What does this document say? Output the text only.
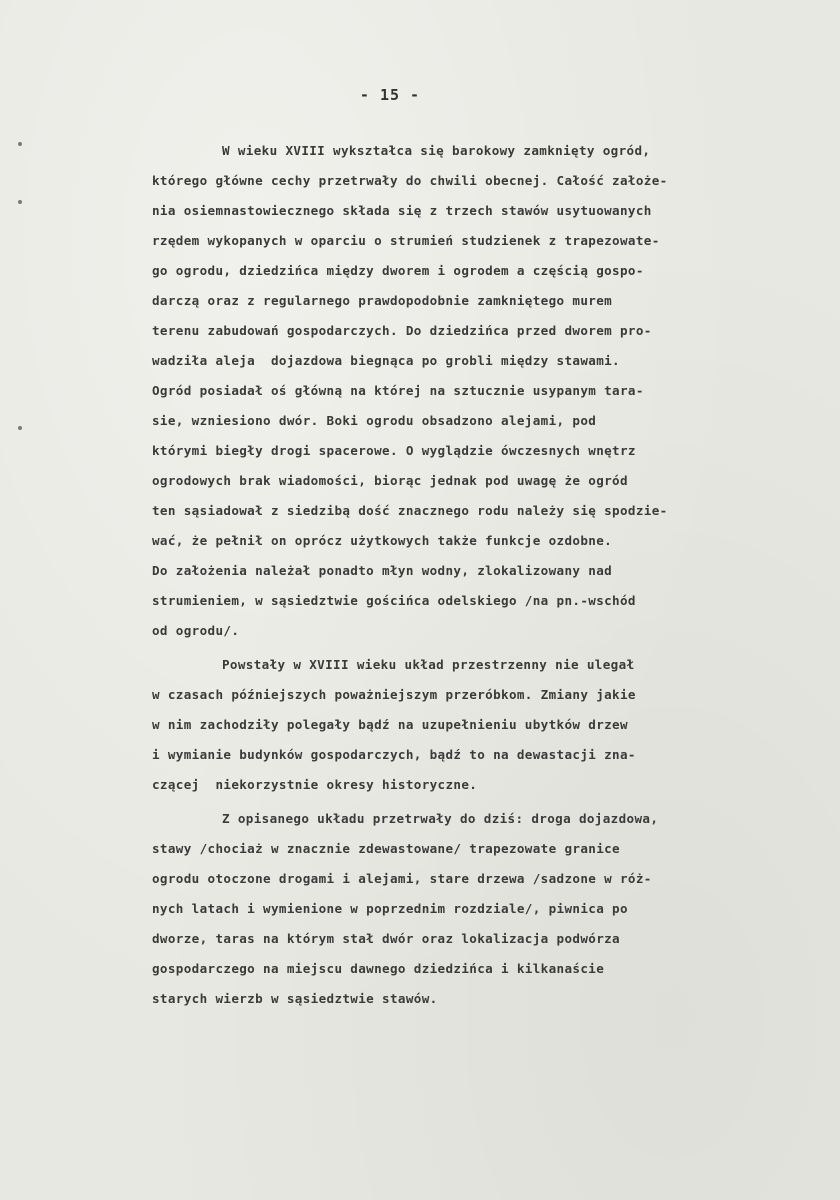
- 15 -
W wieku XVIII wykształca się barokowy zamknięty ogród,
którego główne cechy przetrwały do chwili obecnej. Całość założe-
nia osiemnastowiecznego składa się z trzech stawów usytuowanych
rzędem wykopanych w oparciu o strumień studzienek z trapezowate-
go ogrodu, dziedzińca między dworem i ogrodem a częścią gospo-
darczą oraz z regularnego prawdopodobnie zamkniętego murem
terenu zabudowań gospodarczych. Do dziedzińca przed dworem pro-
wadziła aleja  dojazdowa biegnąca po grobli między stawami.
Ogród posiadał oś główną na której na sztucznie usypanym tara-
sie, wzniesiono dwór. Boki ogrodu obsadzono alejami, pod
którymi biegły drogi spacerowe. O wyglądzie ówczesnych wnętrz
ogrodowych brak wiadomości, biorąc jednak pod uwagę że ogród
ten sąsiadował z siedzibą dość znacznego rodu należy się spodzie-
wać, że pełnił on oprócz użytkowych także funkcje ozdobne.
Do założenia należał ponadto młyn wodny, zlokalizowany nad
strumieniem, w sąsiedztwie gościńca odelskiego /na pn.-wschód
od ogrodu/.
Powstały w XVIII wieku układ przestrzenny nie ulegał
w czasach późniejszych poważniejszym przeróbkom. Zmiany jakie
w nim zachodziły polegały bądź na uzupełnieniu ubytków drzew
i wymianie budynków gospodarczych, bądź to na dewastacji zna-
czącej  niekorzystnie okresy historyczne.
Z opisanego układu przetrwały do dziś: droga dojazdowa,
stawy /chociaż w znacznie zdewastowane/ trapezowate granice
ogrodu otoczone drogami i alejami, stare drzewa /sadzone w róż-
nych latach i wymienione w poprzednim rozdziale/, piwnica po
dworze, taras na którym stał dwór oraz lokalizacja podwórza
gospodarczego na miejscu dawnego dziedzińca i kilkanaście
starych wierzb w sąsiedztwie stawów.
